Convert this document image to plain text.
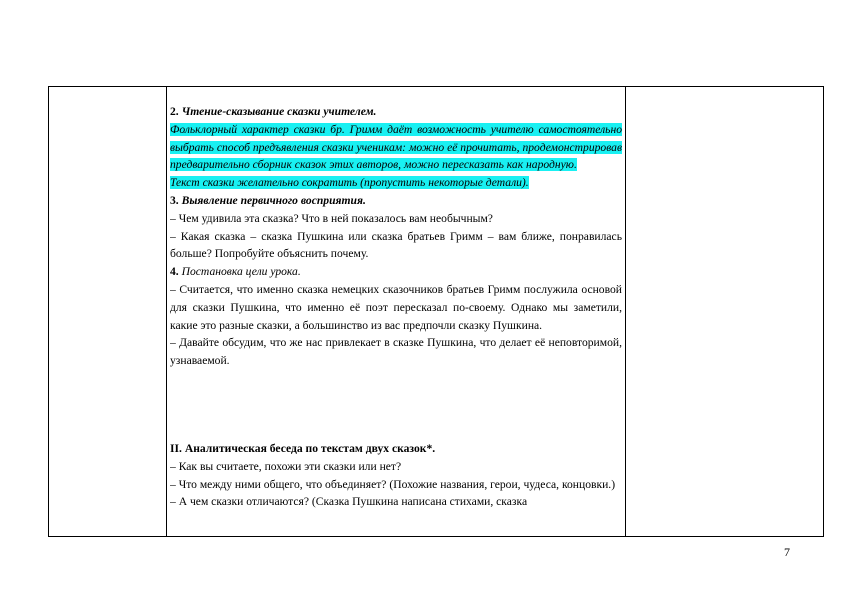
2. Чтение-сказывание сказки учителем.

Фольклорный характер сказки бр. Гримм даёт возможность учителю самостоятельно выбрать способ предъявления сказки ученикам: можно её прочитать, продемонстрировав предварительно сборник сказок этих авторов, можно пересказать как народную.

Текст сказки желательно сократить (пропустить некоторые детали).

3. Выявление первичного восприятия.

– Чем удивила эта сказка? Что в ней показалось вам необычным?

– Какая сказка – сказка Пушкина или сказка братьев Гримм – вам ближе, понравилась больше? Попробуйте объяснить почему.

4. Постановка цели урока.

– Считается, что именно сказка немецких сказочников братьев Гримм послужила основой для сказки Пушкина, что именно её поэт пересказал по-своему. Однако мы заметили, какие это разные сказки, а большинство из вас предпочли сказку Пушкина.

– Давайте обсудим, что же нас привлекает в сказке Пушкина, что делает её неповторимой, узнаваемой.

II. Аналитическая беседа по текстам двух сказок*.

– Как вы считаете, похожи эти сказки или нет?

– Что между ними общего, что объединяет? (Похожие названия, герои, чудеса, концовки.)

– А чем сказки отличаются? (Сказка Пушкина написана стихами, сказка

7
